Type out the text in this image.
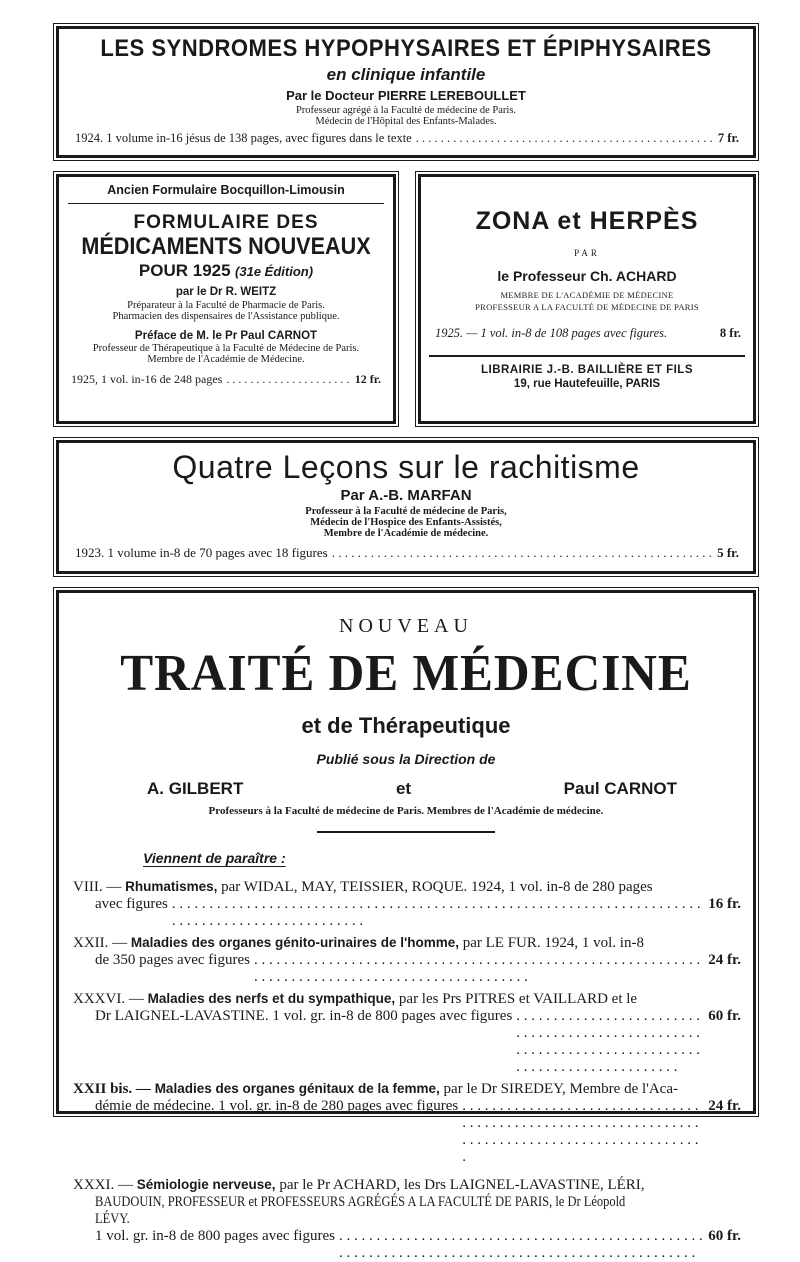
LES SYNDROMES HYPOPHYSAIRES ET ÉPIPHYSAIRES
en clinique infantile
Par le Docteur PIERRE LEREBOULLET
Professeur agrégé à la Faculté de médecine de Paris.
Médecin de l'Hôpital des Enfants-Malades.
1924. 1 volume in-16 jésus de 138 pages, avec figures dans le texte . . .	7 fr.
Ancien Formulaire Bocquillon-Limousin
FORMULAIRE DES
MÉDICAMENTS NOUVEAUX
POUR 1925 (31e Édition)
par le Dr R. WEITZ
Préparateur à la Faculté de Pharmacie de Paris.
Pharmacien des dispensaires de l'Assistance publique.
Préface de M. le Pr Paul CARNOT
Professeur de Thérapeutique à la Faculté de Médecine de Paris.
Membre de l'Académie de Médecine.
1925, 1 vol. in-16 de 248 pages . . .	12 fr.
ZONA et HERPÈS
PAR
le Professeur Ch. ACHARD
MEMBRE DE L'ACADÉMIE DE MÉDECINE
PROFESSEUR A LA FACULTÉ DE MÉDECINE DE PARIS
1925. — 1 vol. in-8 de 108 pages avec figures.	8 fr.
LIBRAIRIE J.-B. BAILLIÈRE ET FILS
19, rue Hautefeuille, PARIS
Quatre Leçons sur le rachitisme
Par A.-B. MARFAN
Professeur à la Faculté de médecine de Paris,
Médecin de l'Hospice des Enfants-Assistés,
Membre de l'Académie de médecine.
1923. 1 volume in-8 de 70 pages avec 18 figures . . .	5 fr.
NOUVEAU
TRAITÉ DE MÉDECINE
et de Thérapeutique
Publié sous la Direction de
A. GILBERT	et	Paul CARNOT
Professeurs à la Faculté de médecine de Paris. Membres de l'Académie de médecine.
Viennent de paraître :
VIII. — Rhumatismes, par WIDAL, MAY, TEISSIER, ROQUE. 1924, 1 vol. in-8 de 280 pages
avec figures . . .	16 fr.
XXII. — Maladies des organes génito-urinaires de l'homme, par LE FUR. 1924, 1 vol. in-8
de 350 pages avec figures . . .	24 fr.
XXXVI. — Maladies des nerfs et du sympathique, par les Prs PITRES et VAILLARD et le
Dr LAIGNEL-LAVASTINE. 1 vol. gr. in-8 de 800 pages avec figures . . .	60 fr.
XXII bis. — Maladies des organes génitaux de la femme, par le Dr SIREDEY, Membre de l'Aca-
démie de médecine. 1 vol. gr. in-8 de 280 pages avec figures . . .	24 fr.
XXXI. — Sémiologie nerveuse, par le Pr ACHARD, les Drs LAIGNEL-LAVASTINE, LÉRI,
BAUDOUIN, PROFESSEUR et PROFESSEURS AGRÉGÉS A LA FACULTÉ DE PARIS, le Dr Léopold LÉVY.
1 vol. gr. in-8 de 800 pages avec figures . . .	60 fr.
